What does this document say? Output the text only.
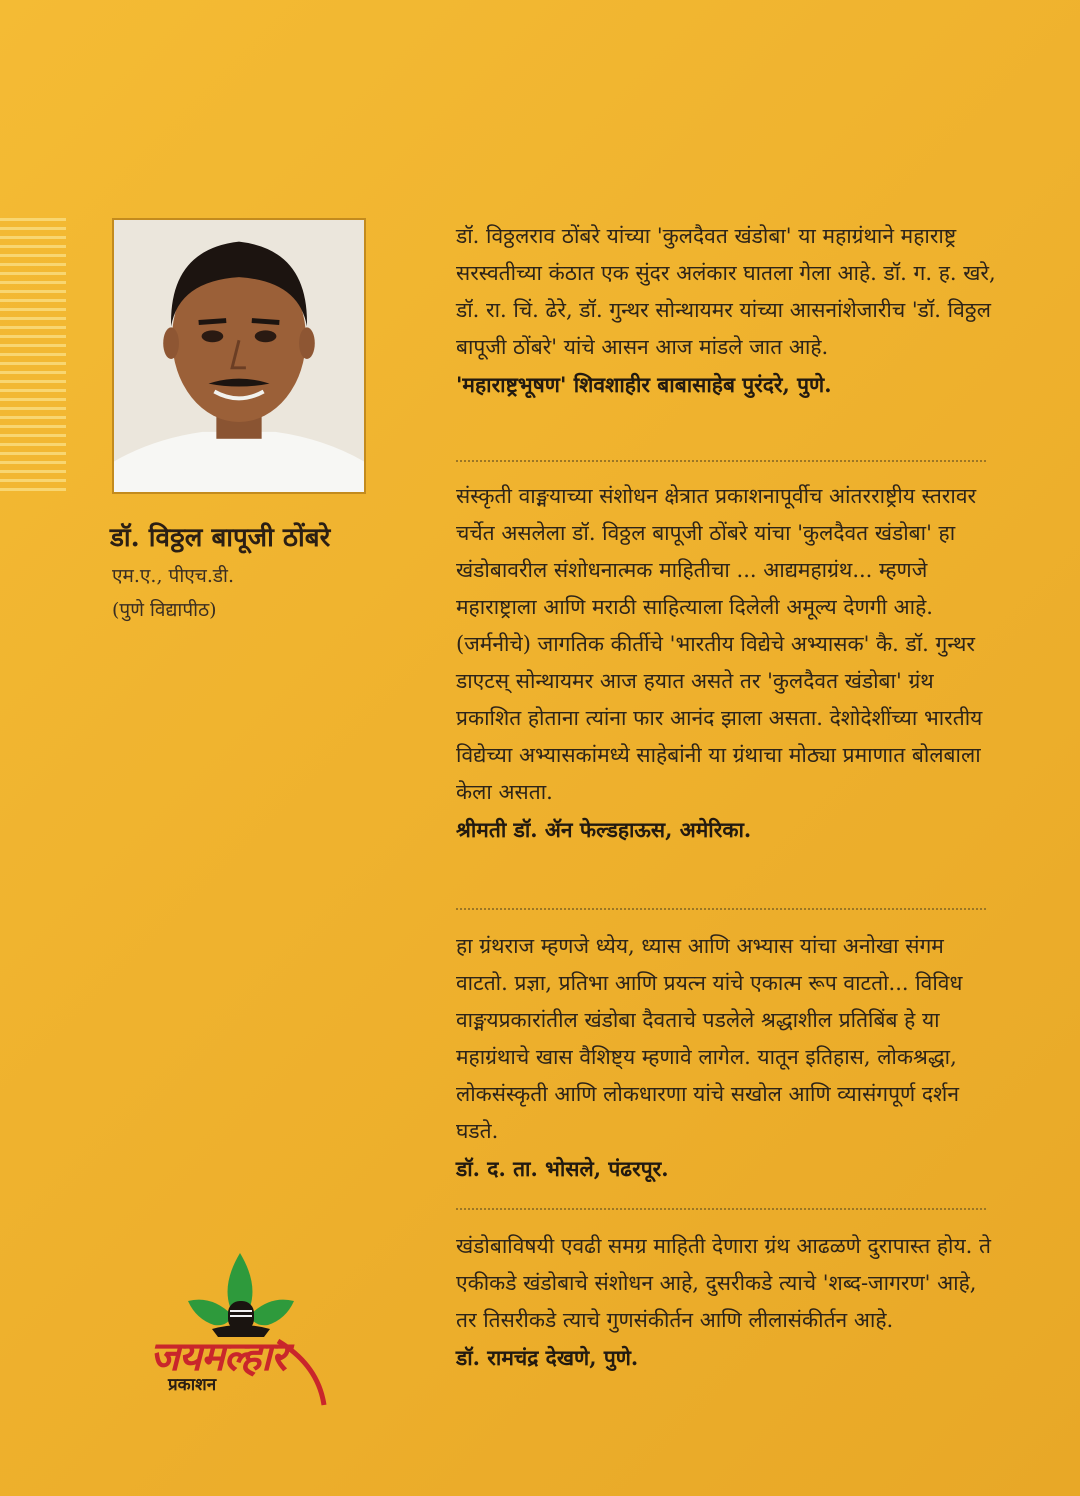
डॉ. विठ्ठल बापूजी ठोंबरे
एम.ए., पीएच.डी.
(पुणे विद्यापीठ)

डॉ. विठ्ठलराव ठोंबरे यांच्या 'कुलदैवत खंडोबा' या महाग्रंथाने महाराष्ट्र सरस्वतीच्या कंठात एक सुंदर अलंकार घातला गेला आहे. डॉ. ग. ह. खरे, डॉ. रा. चिं. ढेरे, डॉ. गुन्थर सोन्थायमर यांच्या आसनांशेजारीच 'डॉ. विठ्ठल बापूजी ठोंबरे' यांचे आसन आज मांडले जात आहे.

'महाराष्ट्रभूषण' शिवशाहीर बाबासाहेब पुरंदरे, पुणे.

संस्कृती वाङ्मयाच्या संशोधन क्षेत्रात प्रकाशनापूर्वीच आंतरराष्ट्रीय स्तरावर चर्चेत असलेला डॉ. विठ्ठल बापूजी ठोंबरे यांचा 'कुलदैवत खंडोबा' हा खंडोबावरील संशोधनात्मक माहितीचा ... आद्यमहाग्रंथ... म्हणजे महाराष्ट्राला आणि मराठी साहित्याला दिलेली अमूल्य देणगी आहे. (जर्मनीचे) जागतिक कीर्तीचे 'भारतीय विद्येचे अभ्यासक' कै. डॉ. गुन्थर डाएटस् सोन्थायमर आज हयात असते तर 'कुलदैवत खंडोबा' ग्रंथ प्रकाशित होताना त्यांना फार आनंद झाला असता. देशोदेशींच्या भारतीय विद्येच्या अभ्यासकांमध्ये साहेबांनी या ग्रंथाचा मोठ्या प्रमाणात बोलबाला केला असता.

श्रीमती डॉ. ॲन फेल्डहाऊस, अमेरिका.

हा ग्रंथराज म्हणजे ध्येय, ध्यास आणि अभ्यास यांचा अनोखा संगम वाटतो. प्रज्ञा, प्रतिभा आणि प्रयत्न यांचे एकात्म रूप वाटतो... विविध वाङ्मयप्रकारांतील खंडोबा दैवताचे पडलेले श्रद्धाशील प्रतिबिंब हे या महाग्रंथाचे खास वैशिष्ट्य म्हणावे लागेल. यातून इतिहास, लोकश्रद्धा, लोकसंस्कृती आणि लोकधारणा यांचे सखोल आणि व्यासंगपूर्ण दर्शन घडते.

डॉ. द. ता. भोसले, पंढरपूर.

खंडोबाविषयी एवढी समग्र माहिती देणारा ग्रंथ आढळणे दुरापास्त होय. ते एकीकडे खंडोबाचे संशोधन आहे, दुसरीकडे त्याचे 'शब्द-जागरण' आहे, तर तिसरीकडे त्याचे गुणसंकीर्तन आणि लीलासंकीर्तन आहे.

डॉ. रामचंद्र देखणे, पुणे.

जयमल्हार
प्रकाशन
